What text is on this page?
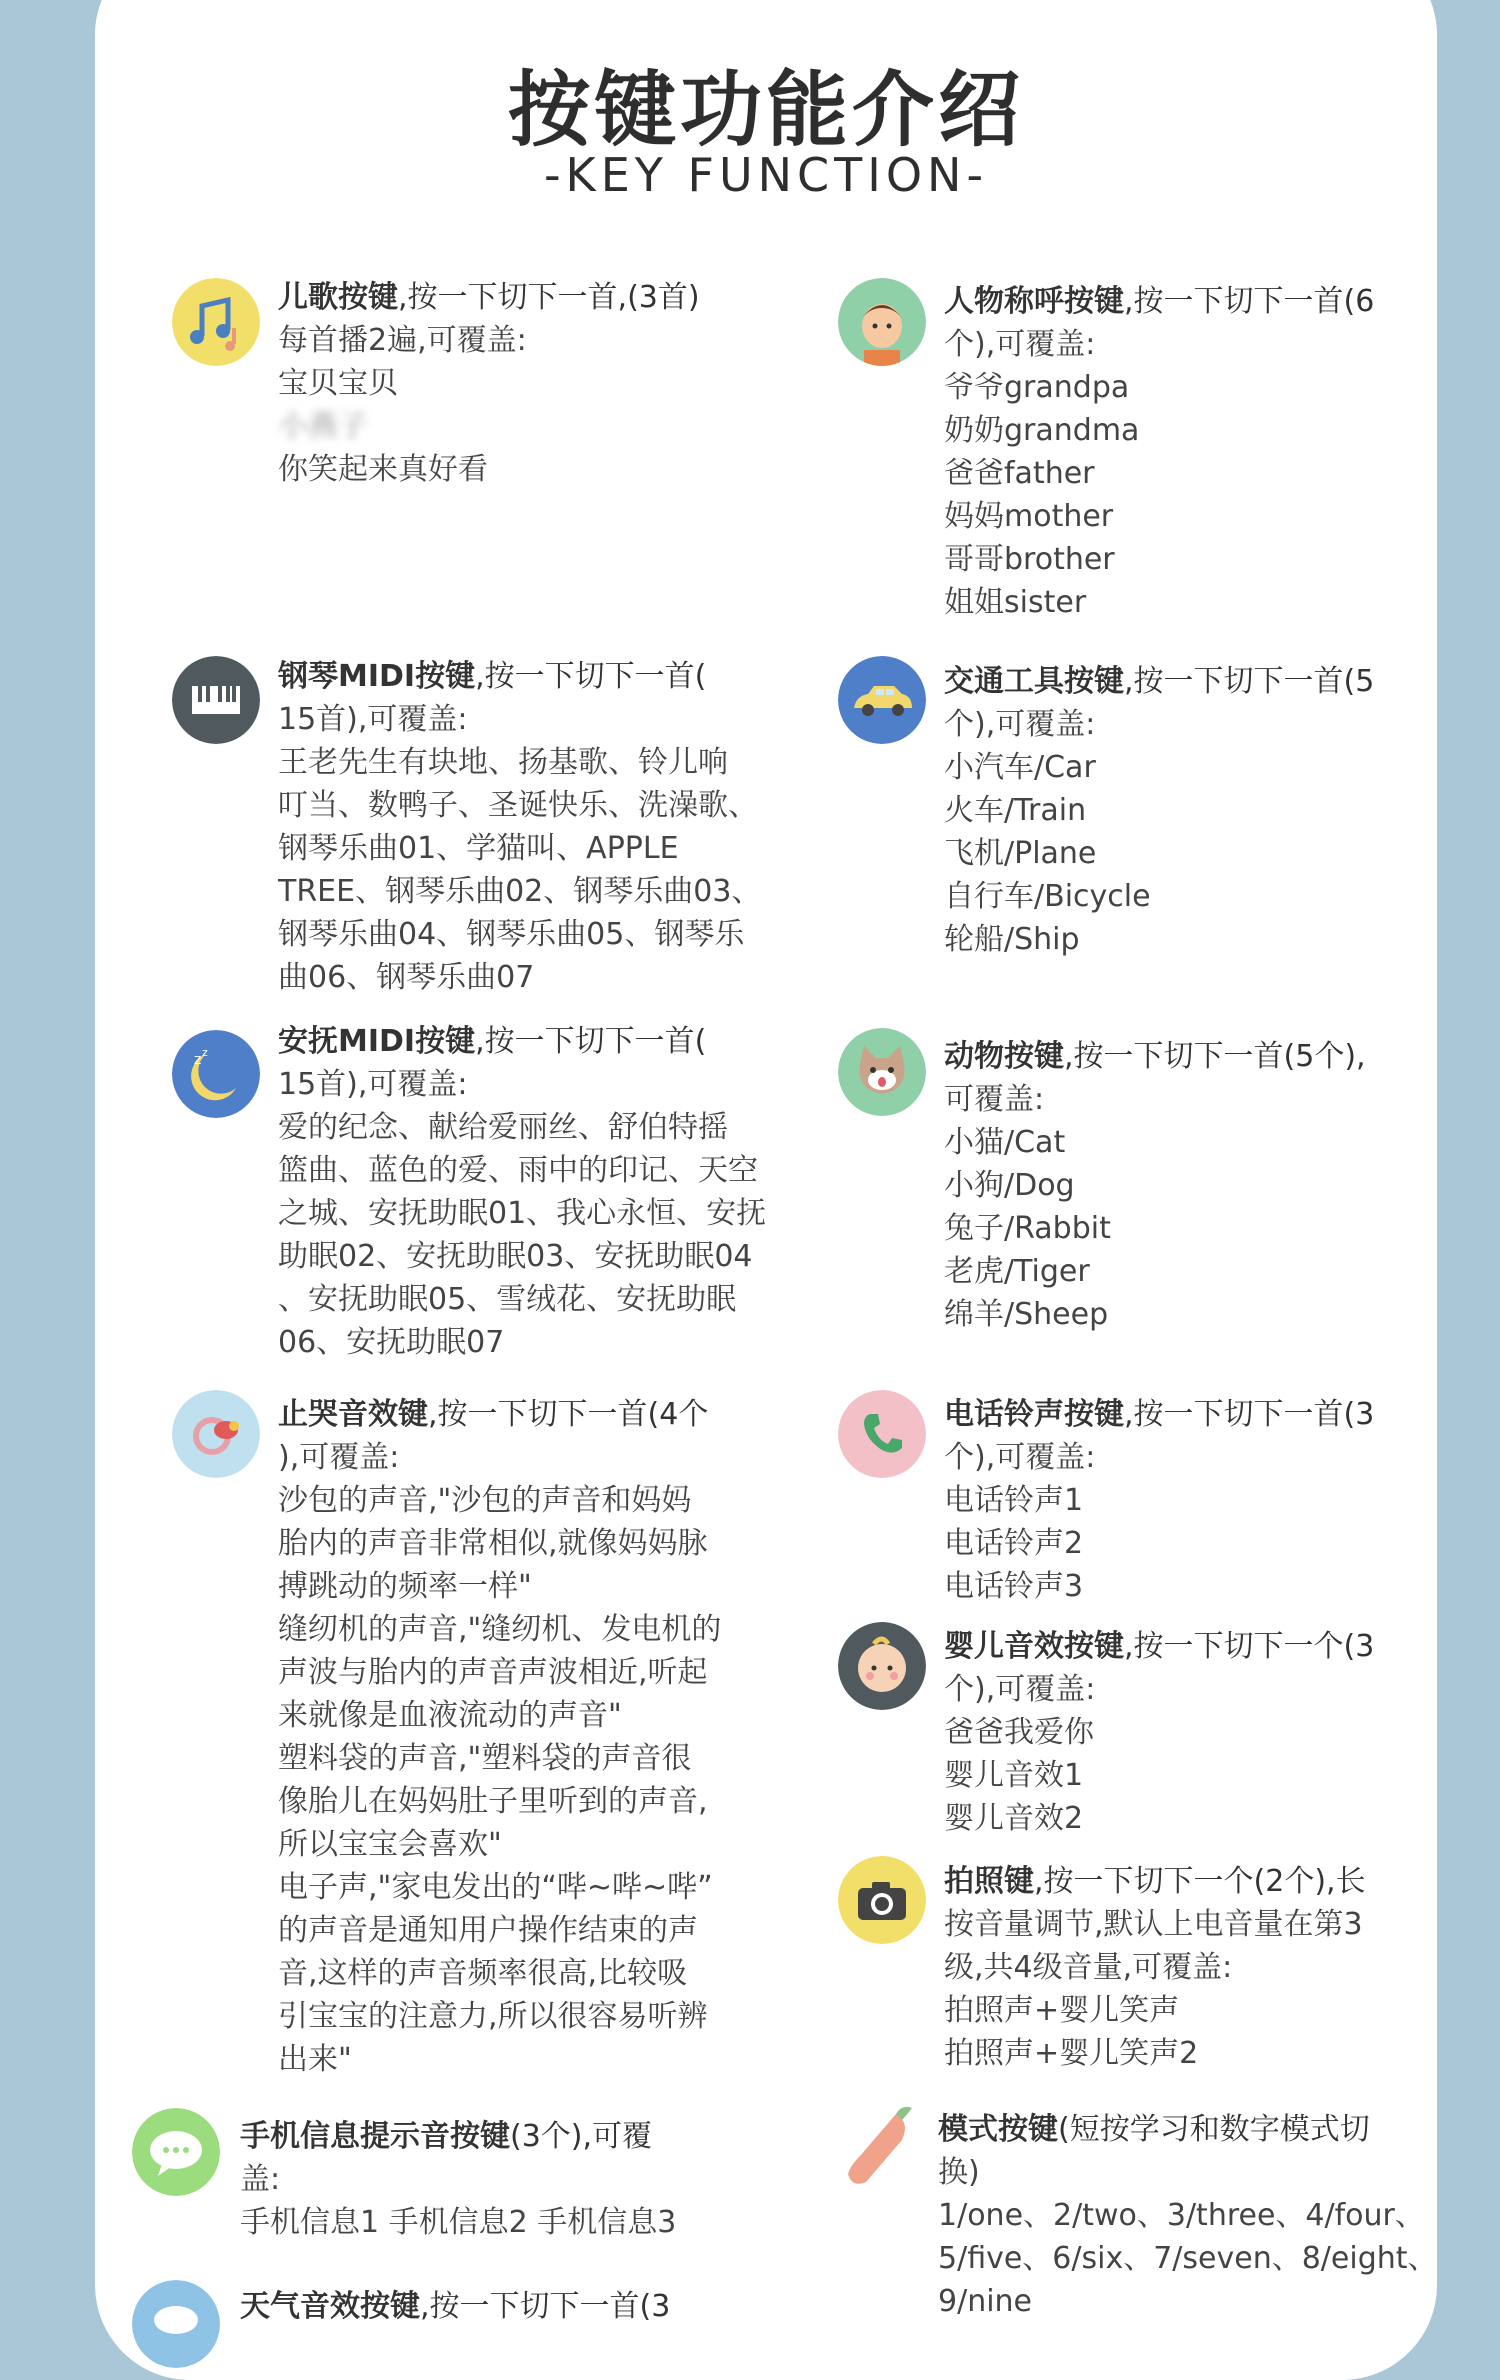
按键功能介绍
-KEY FUNCTION-
儿歌按键,按一下切下一首,(3首)
每首播2遍,可覆盖:
宝贝宝贝
小燕子
你笑起来真好看
钢琴MIDI按键,按一下切下一首(
15首),可覆盖:
王老先生有块地、扬基歌、铃儿响
叮当、数鸭子、圣诞快乐、洗澡歌、
钢琴乐曲01、学猫叫、APPLE
TREE、钢琴乐曲02、钢琴乐曲03、
钢琴乐曲04、钢琴乐曲05、钢琴乐
曲06、钢琴乐曲07
z z 安抚MIDI按键,按一下切下一首(
15首),可覆盖:
爱的纪念、献给爱丽丝、舒伯特摇
篮曲、蓝色的爱、雨中的印记、天空
之城、安抚助眠01、我心永恒、安抚
助眠02、安抚助眠03、安抚助眠04
、安抚助眠05、雪绒花、安抚助眠
06、安抚助眠07
止哭音效键,按一下切下一首(4个
),可覆盖:
沙包的声音,"沙包的声音和妈妈
胎内的声音非常相似,就像妈妈脉
搏跳动的频率一样"
缝纫机的声音,"缝纫机、发电机的
声波与胎内的声音声波相近,听起
来就像是血液流动的声音"
塑料袋的声音,"塑料袋的声音很
像胎儿在妈妈肚子里听到的声音,
所以宝宝会喜欢"
电子声,"家电发出的“哔~哔~哔”
的声音是通知用户操作结束的声
音,这样的声音频率很高,比较吸
引宝宝的注意力,所以很容易听辨
出来"
手机信息提示音按键(3个),可覆
盖:
手机信息1 手机信息2 手机信息3
天气音效按键,按一下切下一首(3
人物称呼按键,按一下切下一首(6
个),可覆盖:
爷爷grandpa
奶奶grandma
爸爸father
妈妈mother
哥哥brother
姐姐sister
交通工具按键,按一下切下一首(5
个),可覆盖:
小汽车/Car
火车/Train
飞机/Plane
自行车/Bicycle
轮船/Ship
动物按键,按一下切下一首(5个),
可覆盖:
小猫/Cat
小狗/Dog
兔子/Rabbit
老虎/Tiger
绵羊/Sheep
电话铃声按键,按一下切下一首(3
个),可覆盖:
电话铃声1
电话铃声2
电话铃声3
婴儿音效按键,按一下切下一个(3
个),可覆盖:
爸爸我爱你
婴儿音效1
婴儿音效2
拍照键,按一下切下一个(2个),长
按音量调节,默认上电音量在第3
级,共4级音量,可覆盖:
拍照声+婴儿笑声
拍照声+婴儿笑声2
模式按键(短按学习和数字模式切
换)
1/one、2/two、3/three、4/four、
5/five、6/six、7/seven、8/eight、
9/nine
